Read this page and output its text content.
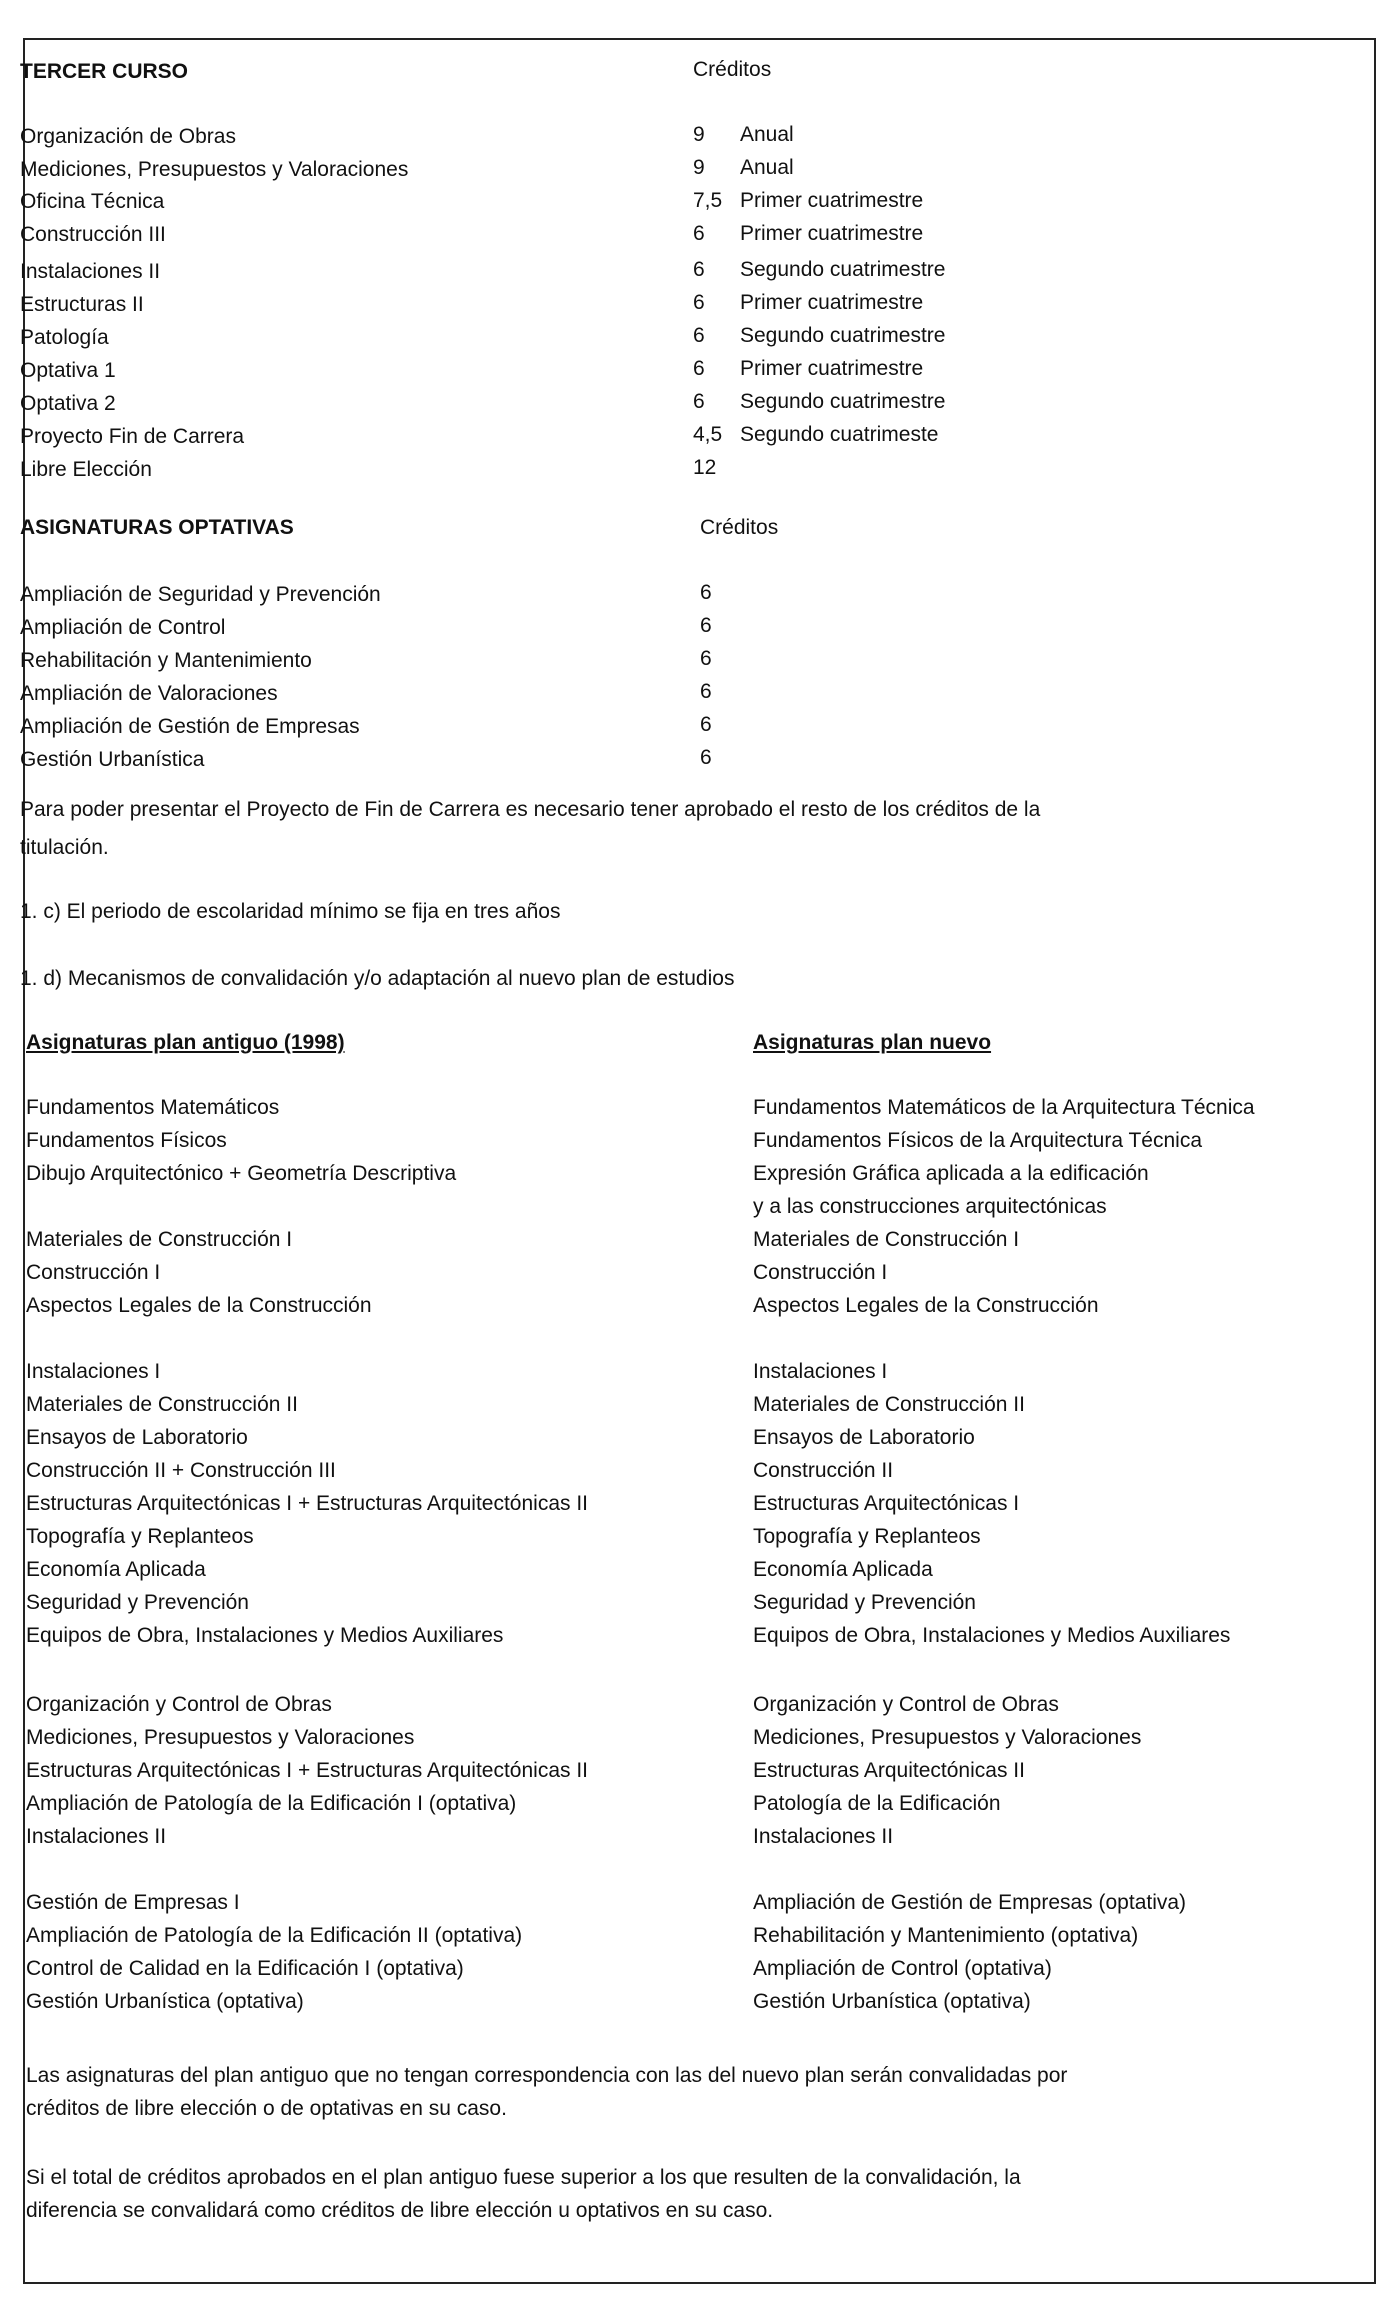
TERCER CURSO	Créditos
Organización de Obras	9 Anual
Mediciones, Presupuestos y Valoraciones	9 Anual
Oficina Técnica	7,5 Primer cuatrimestre
Construcción III	6 Primer cuatrimestre
Instalaciones II	6 Segundo cuatrimestre
Estructuras II	6 Primer cuatrimestre
Patología	6 Segundo cuatrimestre
Optativa 1	6 Primer cuatrimestre
Optativa 2	6 Segundo cuatrimestre
Proyecto Fin de Carrera	4,5 Segundo cuatrimeste
Libre Elección	12
ASIGNATURAS OPTATIVAS	Créditos
Ampliación de Seguridad y Prevención	6
Ampliación de Control	6
Rehabilitación y Mantenimiento	6
Ampliación de Valoraciones	6
Ampliación de Gestión de Empresas	6
Gestión Urbanística	6
Para poder presentar el Proyecto de Fin de Carrera es necesario tener aprobado el resto de los créditos de la
titulación.
1. c) El periodo de escolaridad mínimo se fija en tres años
1. d) Mecanismos de convalidación y/o adaptación al nuevo plan de estudios
Asignaturas plan antiguo (1998)	Asignaturas plan nuevo
Fundamentos Matemáticos	Fundamentos Matemáticos de la Arquitectura Técnica
Fundamentos Físicos	Fundamentos Físicos de la Arquitectura Técnica
Dibujo Arquitectónico + Geometría Descriptiva	Expresión Gráfica aplicada a la edificación
y a las construcciones arquitectónicas
Materiales de Construcción I	Materiales de Construcción I
Construcción I	Construcción I
Aspectos Legales de la Construcción	Aspectos Legales de la Construcción
Instalaciones I	Instalaciones I
Materiales de Construcción II	Materiales de Construcción II
Ensayos de Laboratorio	Ensayos de Laboratorio
Construcción II + Construcción III	Construcción II
Estructuras Arquitectónicas I + Estructuras Arquitectónicas II	Estructuras Arquitectónicas I
Topografía y Replanteos	Topografía y Replanteos
Economía Aplicada	Economía Aplicada
Seguridad y Prevención	Seguridad y Prevención
Equipos de Obra, Instalaciones y Medios Auxiliares	Equipos de Obra, Instalaciones y Medios Auxiliares
Organización y Control de Obras	Organización y Control de Obras
Mediciones, Presupuestos y Valoraciones	Mediciones, Presupuestos y Valoraciones
Estructuras Arquitectónicas I + Estructuras Arquitectónicas II	Estructuras Arquitectónicas II
Ampliación de Patología de la Edificación I (optativa)	Patología de la Edificación
Instalaciones II	Instalaciones II
Gestión de Empresas I	Ampliación de Gestión de Empresas (optativa)
Ampliación de Patología de la Edificación II (optativa)	Rehabilitación y Mantenimiento (optativa)
Control de Calidad en la Edificación I (optativa)	Ampliación de Control (optativa)
Gestión Urbanística (optativa)	Gestión Urbanística (optativa)
Las asignaturas del plan antiguo que no tengan correspondencia con las del nuevo plan serán convalidadas por
créditos de libre elección o de optativas en su caso.
Si el total de créditos aprobados en el plan antiguo fuese superior a los que resulten de la convalidación, la
diferencia se convalidará como créditos de libre elección u optativos en su caso.
